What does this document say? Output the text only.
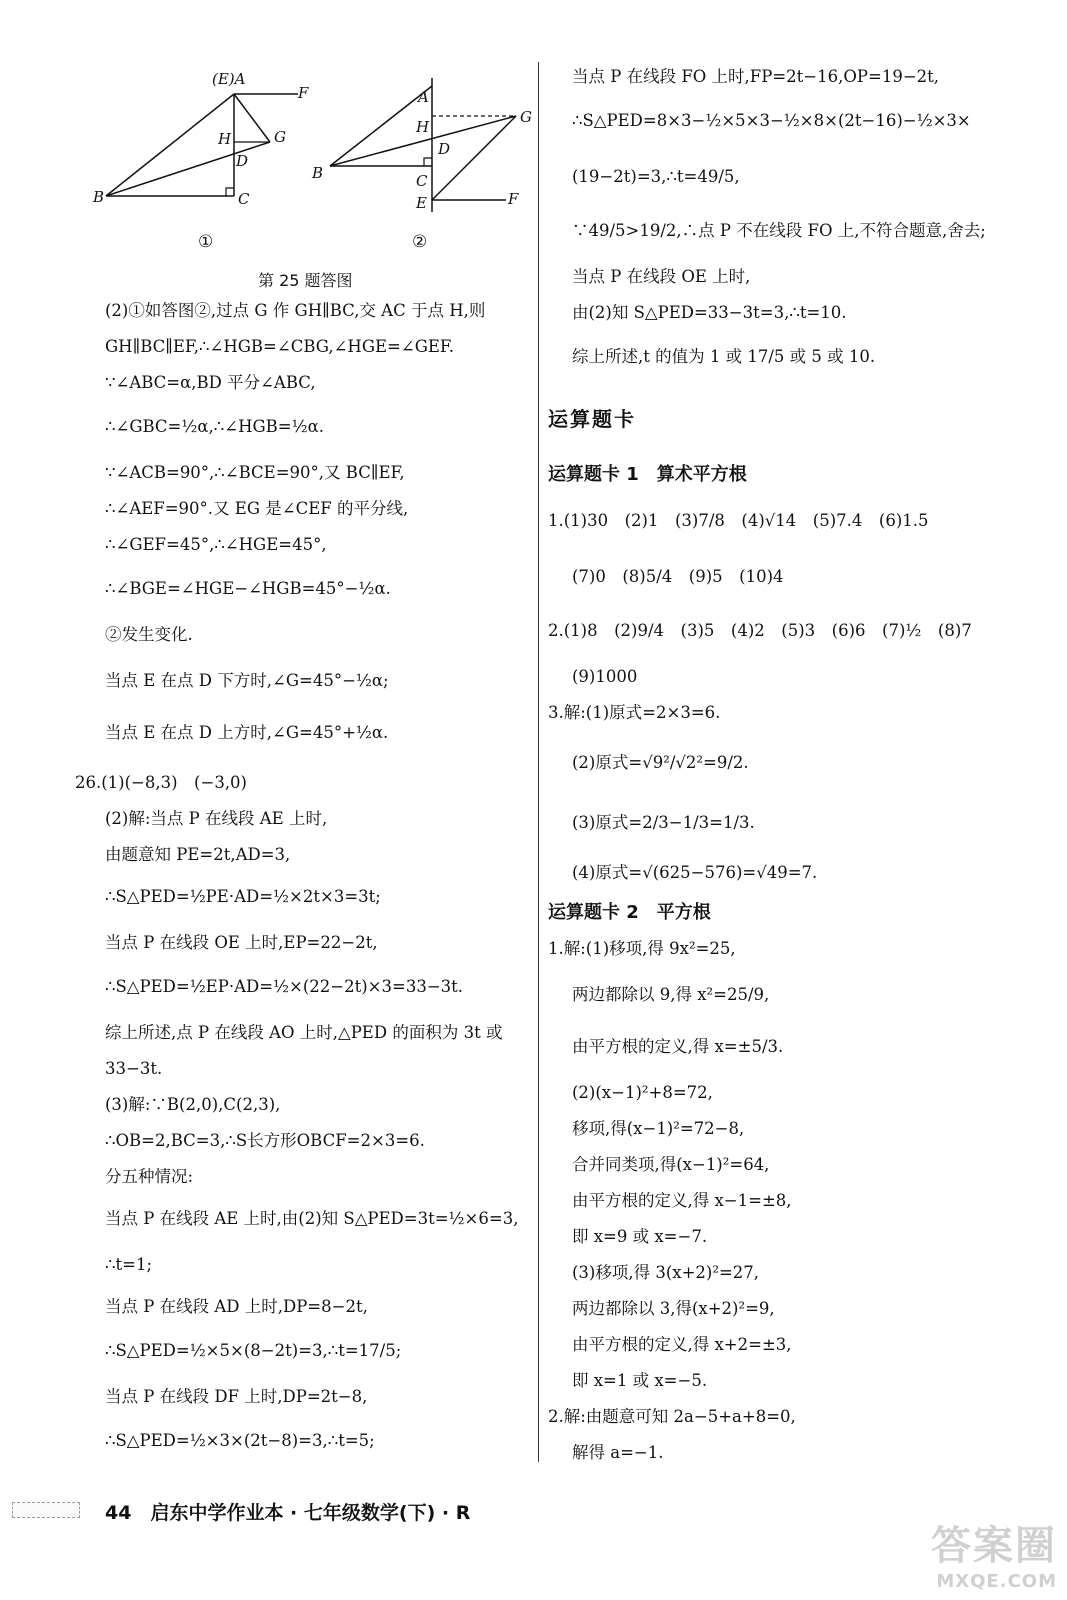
(E)A
F
H	G
D
B	C
①
A
H
G
D
C
B
E	F
②
第 25 题答图
(2)①如答图②,过点 G 作 GH∥BC,交 AC 于点 H,则
GH∥BC∥EF,∴∠HGB=∠CBG,∠HGE=∠GEF.
∵∠ABC=α,BD 平分∠ABC,
∴∠GBC=½α,∴∠HGB=½α.
∵∠ACB=90°,∴∠BCE=90°,又 BC∥EF,
∴∠AEF=90°.又 EG 是∠CEF 的平分线,
∴∠GEF=45°,∴∠HGE=45°,
∴∠BGE=∠HGE−∠HGB=45°−½α.
②发生变化.
当点 E 在点 D 下方时,∠G=45°−½α;
当点 E 在点 D 上方时,∠G=45°+½α.
26.(1)(−8,3)　(−3,0)
(2)解:当点 P 在线段 AE 上时,
由题意知 PE=2t,AD=3,
∴S△PED=½PE·AD=½×2t×3=3t;
当点 P 在线段 OE 上时,EP=22−2t,
∴S△PED=½EP·AD=½×(22−2t)×3=33−3t.
综上所述,点 P 在线段 AO 上时,△PED 的面积为 3t 或
33−3t.
(3)解:∵B(2,0),C(2,3),
∴OB=2,BC=3,∴S长方形OBCF=2×3=6.
分五种情况:
当点 P 在线段 AE 上时,由(2)知 S△PED=3t=½×6=3,
∴t=1;
当点 P 在线段 AD 上时,DP=8−2t,
∴S△PED=½×5×(8−2t)=3,∴t=17/5;
当点 P 在线段 DF 上时,DP=2t−8,
∴S△PED=½×3×(2t−8)=3,∴t=5;
当点 P 在线段 FO 上时,FP=2t−16,OP=19−2t,
∴S△PED=8×3−½×5×3−½×8×(2t−16)−½×3×
(19−2t)=3,∴t=49/5,
∵49/5>19/2,∴点 P 不在线段 FO 上,不符合题意,舍去;
当点 P 在线段 OE 上时,
由(2)知 S△PED=33−3t=3,∴t=10.
综上所述,t 的值为 1 或 17/5 或 5 或 10.
运算题卡
运算题卡 1　算术平方根
1.(1)30　(2)1　(3)7/8　(4)√14　(5)7.4　(6)1.5
(7)0　(8)5/4　(9)5　(10)4
2.(1)8　(2)9/4　(3)5　(4)2　(5)3　(6)6　(7)½　(8)7
(9)1000
3.解:(1)原式=2×3=6.
(2)原式=√9²/√2²=9/2.
(3)原式=2/3−1/3=1/3.
(4)原式=√(625−576)=√49=7.
运算题卡 2　平方根
1.解:(1)移项,得 9x²=25,
两边都除以 9,得 x²=25/9,
由平方根的定义,得 x=±5/3.
(2)(x−1)²+8=72,
移项,得(x−1)²=72−8,
合并同类项,得(x−1)²=64,
由平方根的定义,得 x−1=±8,
即 x=9 或 x=−7.
(3)移项,得 3(x+2)²=27,
两边都除以 3,得(x+2)²=9,
由平方根的定义,得 x+2=±3,
即 x=1 或 x=−5.
2.解:由题意可知 2a−5+a+8=0,
解得 a=−1.
44　启东中学作业本 · 七年级数学(下) · R
答案圈
MXQE.COM
